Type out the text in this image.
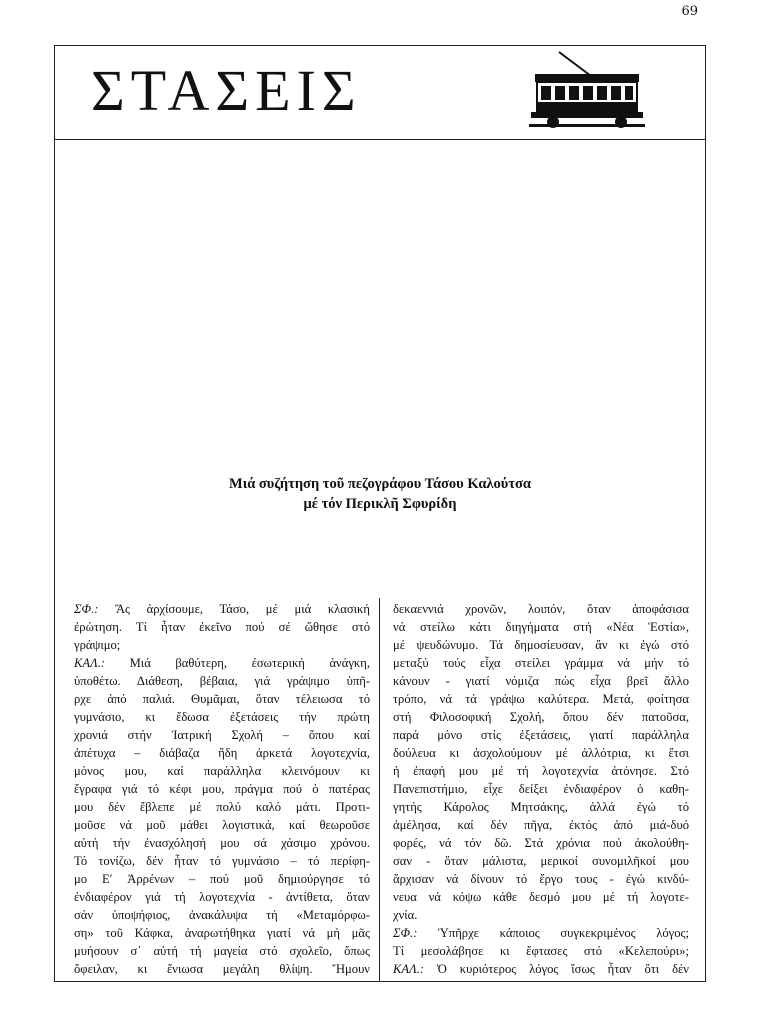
69
ΣΤΑΣΕΙΣ
Μιά συζήτηση τοῦ πεζογράφου Τάσου Καλούτσα
μέ τόν Περικλῆ Σφυρίδη
ΣΦ.: Ἄς ἀρχίσουμε, Τάσο, μέ μιά κλασική
ἐρώτηση. Τί ἦταν ἐκεῖνο πού σέ ὤθησε στό
γράψιμο;
ΚΑΛ.: Μιά βαθύτερη, ἐσωτερική ἀνάγκη,
ὑποθέτω. Διάθεση, βέβαια, γιά γράψιμο ὑπῆ-
ρχε ἀπό παλιά. Θυμᾶμαι, ὅταν τέλειωσα τό
γυμνάσιο, κι ἔδωσα ἐξετάσεις τήν πρώτη
χρονιά στήν Ἰατρική Σχολή – ὅπου καί
ἀπέτυχα – διάβαζα ἤδη ἀρκετά λογοτεχνία,
μόνος μου, καί παράλληλα κλεινόμουν κι
ἔγραφα γιά τό κέφι μου, πράγμα πού ὁ πατέρας
μου δέν ἔβλεπε μέ πολύ καλό μάτι. Προτι-
μοῦσε νά μοῦ μάθει λογιστικά, καί θεωροῦσε
αὐτή τήν ἐνασχόλησή μου σά χάσιμο χρόνου.
Τό τονίζω, δέν ἦταν τό γυμνάσιο – τό περίφη-
μο Εʹ Ἀρρένων – πού μοῦ δημιούργησε τό
ἐνδιαφέρον γιά τή λογοτεχνία - ἀντίθετα, ὅταν
σάν ὑποψήφιος, ἀνακάλυψα τή «Μεταμόρφω-
ση» τοῦ Κάφκα, ἀναρωτήθηκα γιατί νά μή μᾶς
μυήσουν σ᾽ αὐτή τή μαγεία στό σχολεῖο, ὅπως
ὄφειλαν, κι ἔνιωσα μεγάλη θλίψη. Ἤμουν
δεκαεννιά χρονῶν, λοιπόν, ὅταν ἀποφάσισα
νά στείλω κάτι διηγήματα στή «Νέα Ἑστία»,
μέ ψευδώνυμο. Τά δημοσίευσαν, ἄν κι ἐγώ στό
μεταξύ τούς εἶχα στείλει γράμμα νά μήν τό
κάνουν - γιατί νόμιζα πώς εἶχα βρεῖ ἄλλο
τρόπο, νά τά γράψω καλύτερα. Μετά, φοίτησα
στή Φιλοσοφική Σχολή, ὅπου δέν πατοῦσα,
παρά μόνο στίς ἐξετάσεις, γιατί παράλληλα
δούλευα κι ἀσχολούμουν μέ ἀλλότρια, κι ἔτσι
ἡ ἐπαφή μου μέ τή λογοτεχνία ἀτόνησε. Στό
Πανεπιστήμιο, εἶχε δείξει ἐνδιαφέρον ὁ καθη-
γητής Κάρολος Μητσάκης, ἀλλά ἐγώ τό
ἀμέλησα, καί δέν πῆγα, ἐκτός ἀπό μιά-δυό
φορές, νά τόν δῶ. Στά χρόνια πού ἀκολούθη-
σαν - ὅταν μάλιστα, μερικοί συνομιλῆκοί μου
ἄρχισαν νά δίνουν τό ἔργο τους - ἐγώ κινδύ-
νευα νά κόψω κάθε δεσμό μου μέ τή λογοτε-
χνία.
ΣΦ.: Ὑπῆρχε κάποιος συγκεκριμένος λόγος;
Τί μεσολάβησε κι ἔφτασες στό «Κελεπούρι»;
ΚΑΛ.: Ὁ κυριότερος λόγος ἴσως ἦταν ὅτι δέν
